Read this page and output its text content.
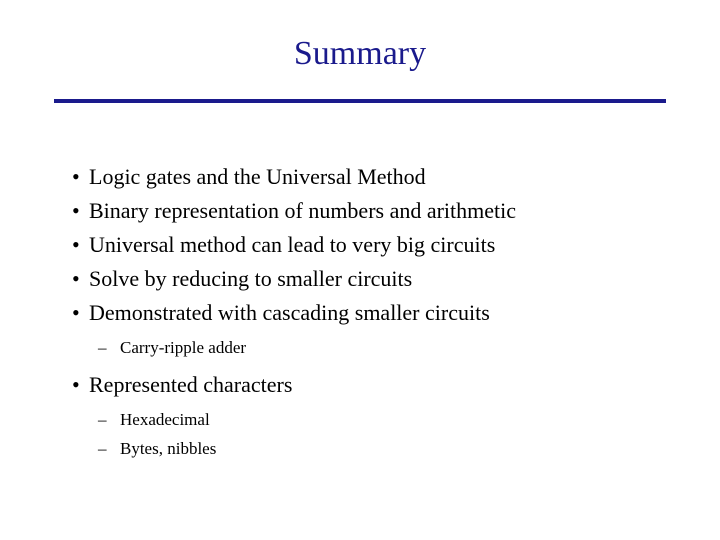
Summary
• Logic gates and the Universal Method
• Binary representation of numbers and arithmetic
• Universal method can lead to very big circuits
• Solve by reducing to smaller circuits
• Demonstrated with cascading smaller circuits
– Carry-ripple adder
• Represented characters
– Hexadecimal
– Bytes, nibbles
